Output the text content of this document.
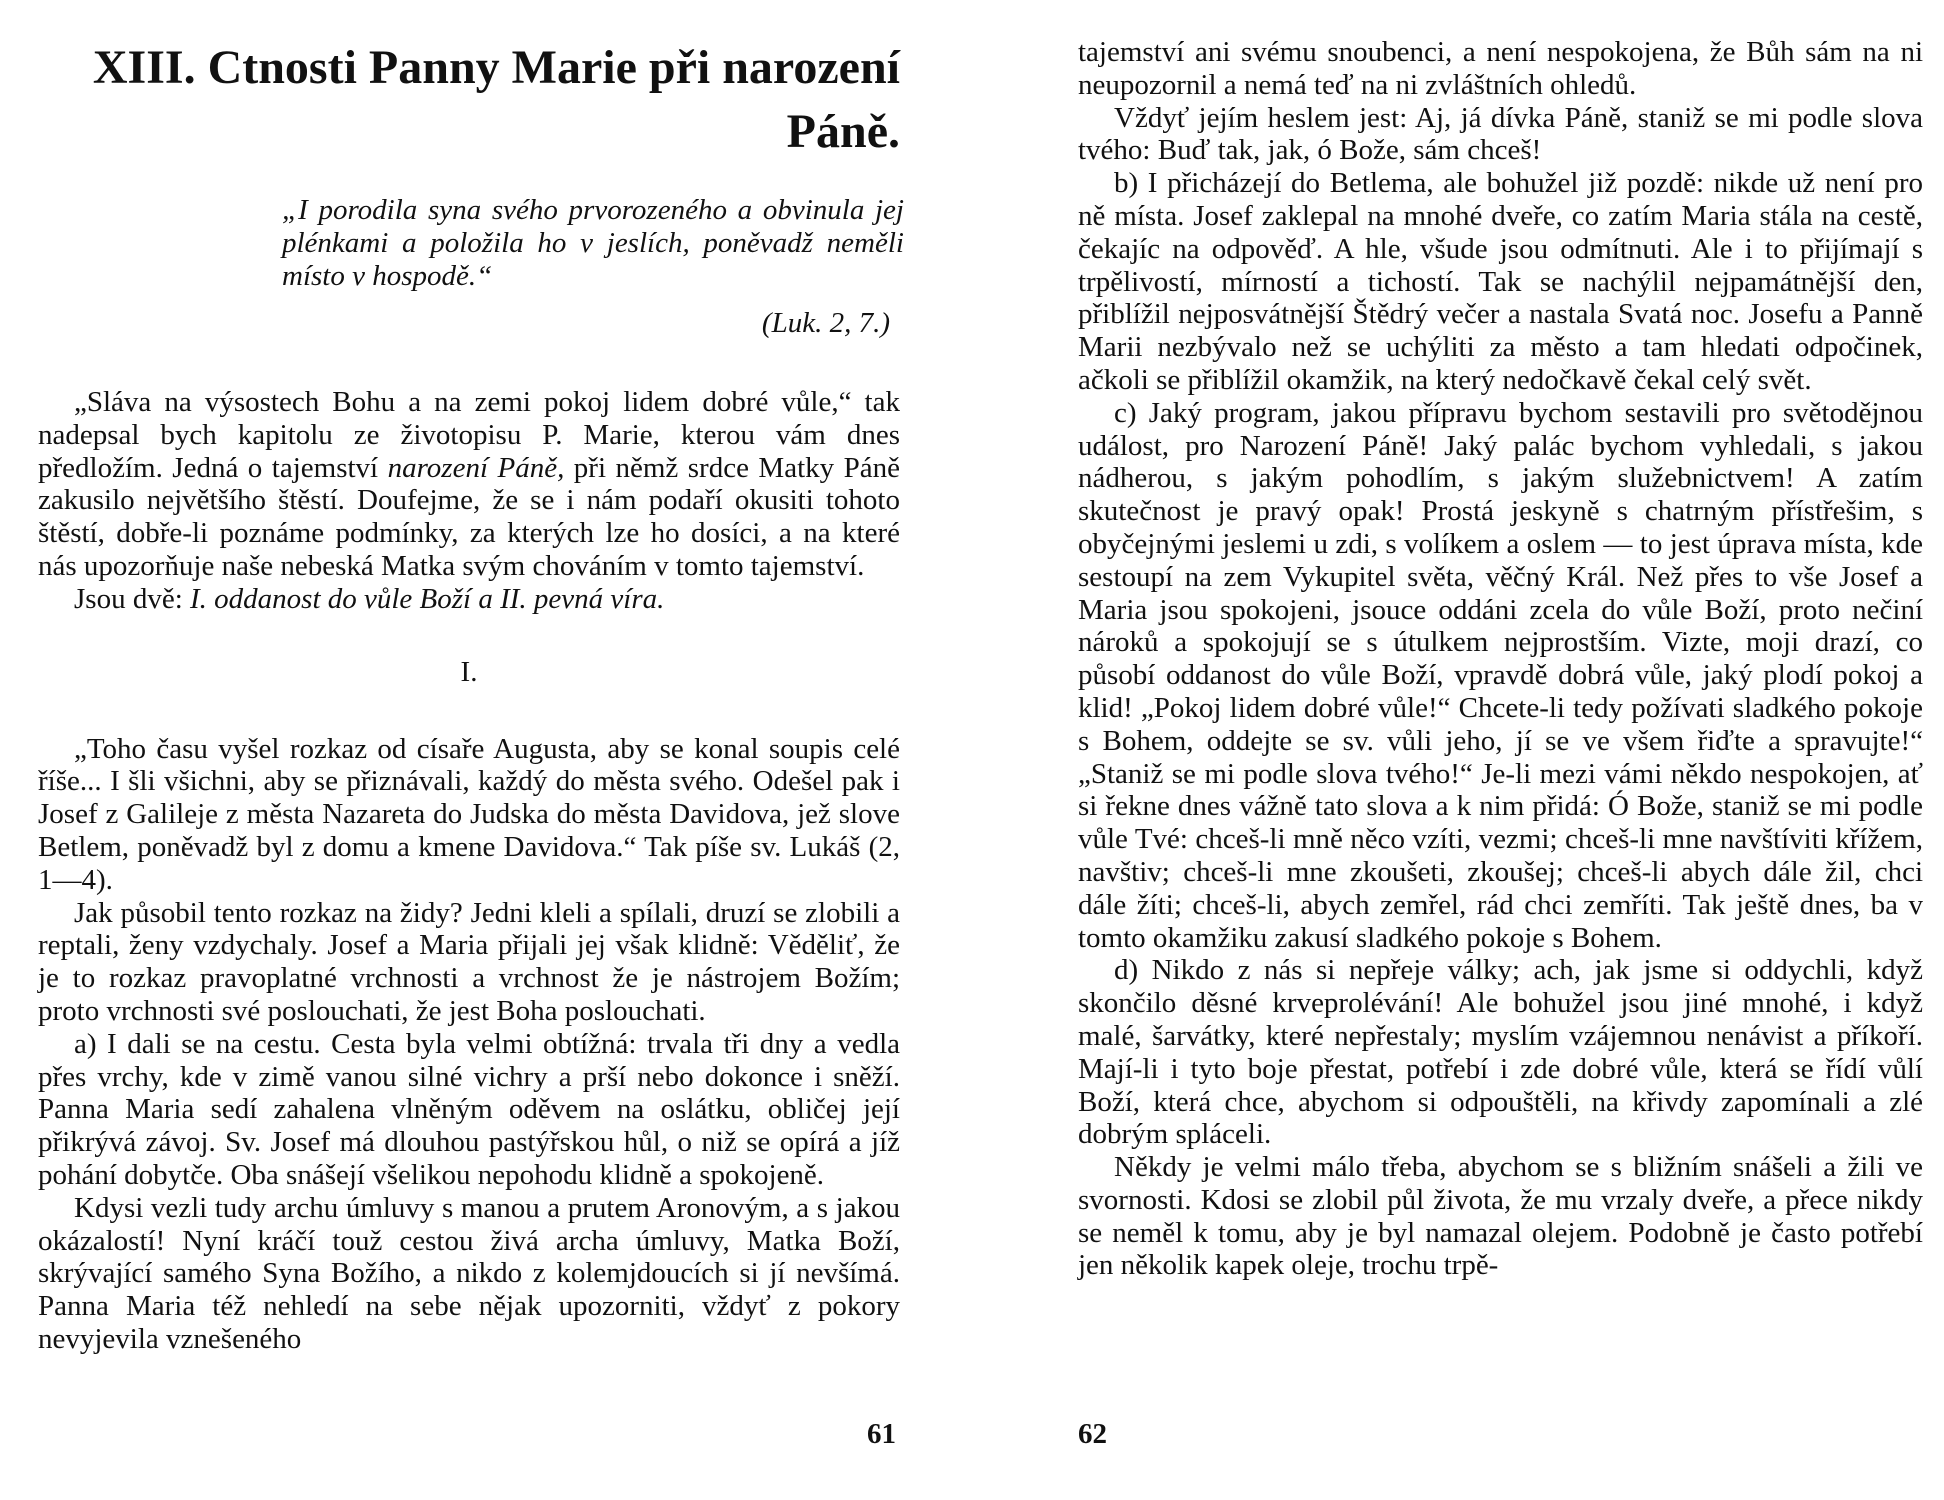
XIII. Ctnosti Panny Marie při narození Páně.
„I porodila syna svého prvorozeného a obvinula jej plénkami a položila ho v jeslích, poněvadž neměli místo v hospodě.“
(Luk. 2, 7.)

„Sláva na výsostech Bohu a na zemi pokoj lidem dobré vůle,“ tak nadepsal bych kapitolu ze životopisu P. Marie, kterou vám dnes předložím. Jedná o tajemství narození Páně, při němž srdce Matky Páně zakusilo největšího štěstí. Doufejme, že se i nám podaří okusiti tohoto štěstí, dobře-li poznáme podmínky, za kterých lze ho dosíci, a na které nás upozorňuje naše nebeská Matka svým chováním v tomto tajemství.

Jsou dvě: I. oddanost do vůle Boží a II. pevná víra.

I.

„Toho času vyšel rozkaz od císaře Augusta, aby se konal soupis celé říše... I šli všichni, aby se přiznávali, každý do města svého. Odešel pak i Josef z Galileje z města Nazareta do Judska do města Davidova, jež slove Betlem, poněvadž byl z domu a kmene Davidova.“ Tak píše sv. Lukáš (2, 1—4).

Jak působil tento rozkaz na židy? Jedni kleli a spílali, druzí se zlobili a reptali, ženy vzdychaly. Josef a Maria přijali jej však klidně: Věděliť, že je to rozkaz pravoplatné vrchnosti a vrchnost že je nástrojem Božím; proto vrchnosti své poslouchati, že jest Boha poslouchati.

a) I dali se na cestu. Cesta byla velmi obtížná: trvala tři dny a vedla přes vrchy, kde v zimě vanou silné vichry a prší nebo dokonce i sněží. Panna Maria sedí zahalena vlněným oděvem na oslátku, obličej její přikrývá závoj. Sv. Josef má dlouhou pastýřskou hůl, o niž se opírá a jíž pohání dobytče. Oba snášejí všelikou nepohodu klidně a spokojeně.

Kdysi vezli tudy archu úmluvy s manou a prutem Aronovým, a s jakou okázalostí! Nyní kráčí touž cestou živá archa úmluvy, Matka Boží, skrývající samého Syna Božího, a nikdo z kolemjdoucích si jí nevšímá. Panna Maria též nehledí na sebe nějak upozorniti, vždyť z pokory nevyjevila vznešeného

61

tajemství ani svému snoubenci, a není nespokojena, že Bůh sám na ni neupozornil a nemá teď na ni zvláštních ohledů.

Vždyť jejím heslem jest: Aj, já dívka Páně, staniž se mi podle slova tvého: Buď tak, jak, ó Bože, sám chceš!

b) I přicházejí do Betlema, ale bohužel již pozdě: nikde už není pro ně místa. Josef zaklepal na mnohé dveře, co zatím Maria stála na cestě, čekajíc na odpověď. A hle, všude jsou odmítnuti. Ale i to přijímají s trpělivostí, mírností a tichostí. Tak se nachýlil nejpamátnější den, přiblížil nejposvátnější Štědrý večer a nastala Svatá noc. Josefu a Panně Marii nezbývalo než se uchýliti za město a tam hledati odpočinek, ačkoli se přiblížil okamžik, na který nedočkavě čekal celý svět.

c) Jaký program, jakou přípravu bychom sestavili pro světodějnou událost, pro Narození Páně! Jaký palác bychom vyhledali, s jakou nádherou, s jakým pohodlím, s jakým služebnictvem! A zatím skutečnost je pravý opak! Prostá jeskyně s chatrným přístřešim, s obyčejnými jeslemi u zdi, s volíkem a oslem — to jest úprava místa, kde sestoupí na zem Vykupitel světa, věčný Král. Než přes to vše Josef a Maria jsou spokojeni, jsouce oddáni zcela do vůle Boží, proto nečiní nároků a spokojují se s útulkem nejprostším. Vizte, moji drazí, co působí oddanost do vůle Boží, vpravdě dobrá vůle, jaký plodí pokoj a klid! „Pokoj lidem dobré vůle!“ Chcete-li tedy požívati sladkého pokoje s Bohem, oddejte se sv. vůli jeho, jí se ve všem řiďte a spravujte!“ „Staniž se mi podle slova tvého!“ Je-li mezi vámi někdo nespokojen, ať si řekne dnes vážně tato slova a k nim přidá: Ó Bože, staniž se mi podle vůle Tvé: chceš-li mně něco vzíti, vezmi; chceš-li mne navštíviti křížem, navštiv; chceš-li mne zkoušeti, zkoušej; chceš-li abych dále žil, chci dále žíti; chceš-li, abych zemřel, rád chci zemříti. Tak ještě dnes, ba v tomto okamžiku zakusí sladkého pokoje s Bohem.

d) Nikdo z nás si nepřeje války; ach, jak jsme si oddychli, když skončilo děsné krveprolévání! Ale bohužel jsou jiné mnohé, i když malé, šarvátky, které nepřestaly; myslím vzájemnou nenávist a příkoří. Mají-li i tyto boje přestat, potřebí i zde dobré vůle, která se řídí vůlí Boží, která chce, abychom si odpouštěli, na křivdy zapomínali a zlé dobrým spláceli.

Někdy je velmi málo třeba, abychom se s bližním snášeli a žili ve svornosti. Kdosi se zlobil půl života, že mu vrzaly dveře, a přece nikdy se neměl k tomu, aby je byl namazal olejem. Podobně je často potřebí jen několik kapek oleje, trochu trpě-

62
